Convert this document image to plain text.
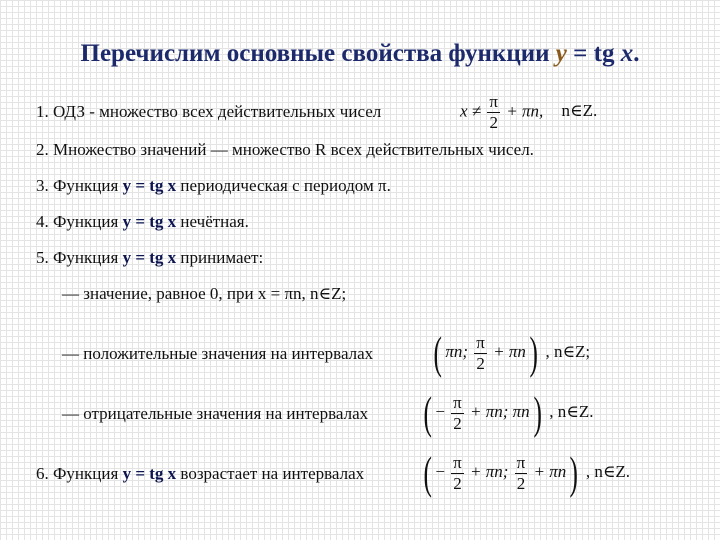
Перечислим основные свойства функции y = tg x.
1. ОДЗ - множество всех действительных чисел	$x \ne \frac{\pi}{2} + \pi n$, n∈Z.
2. Множество значений — множество R всех действительных чисел.
3. Функция y = tg x периодическая с периодом π.
4. Функция y = tg x нечётная.
5. Функция y = tg x принимает:
— значение, равное 0, при x = πn, n∈Z;
— положительные значения на интервалах ( πn; $\frac{\pi}{2} + \pi n$) , n∈Z;
— отрицательные значения на интервалах ( − $\frac{\pi}{2} + \pi n$; πn) , n∈Z.
6. Функция y = tg x возрастает на интервалах ( − $\frac{\pi}{2} + \pi n$; $\frac{\pi}{2} + \pi n$) , n∈Z.
